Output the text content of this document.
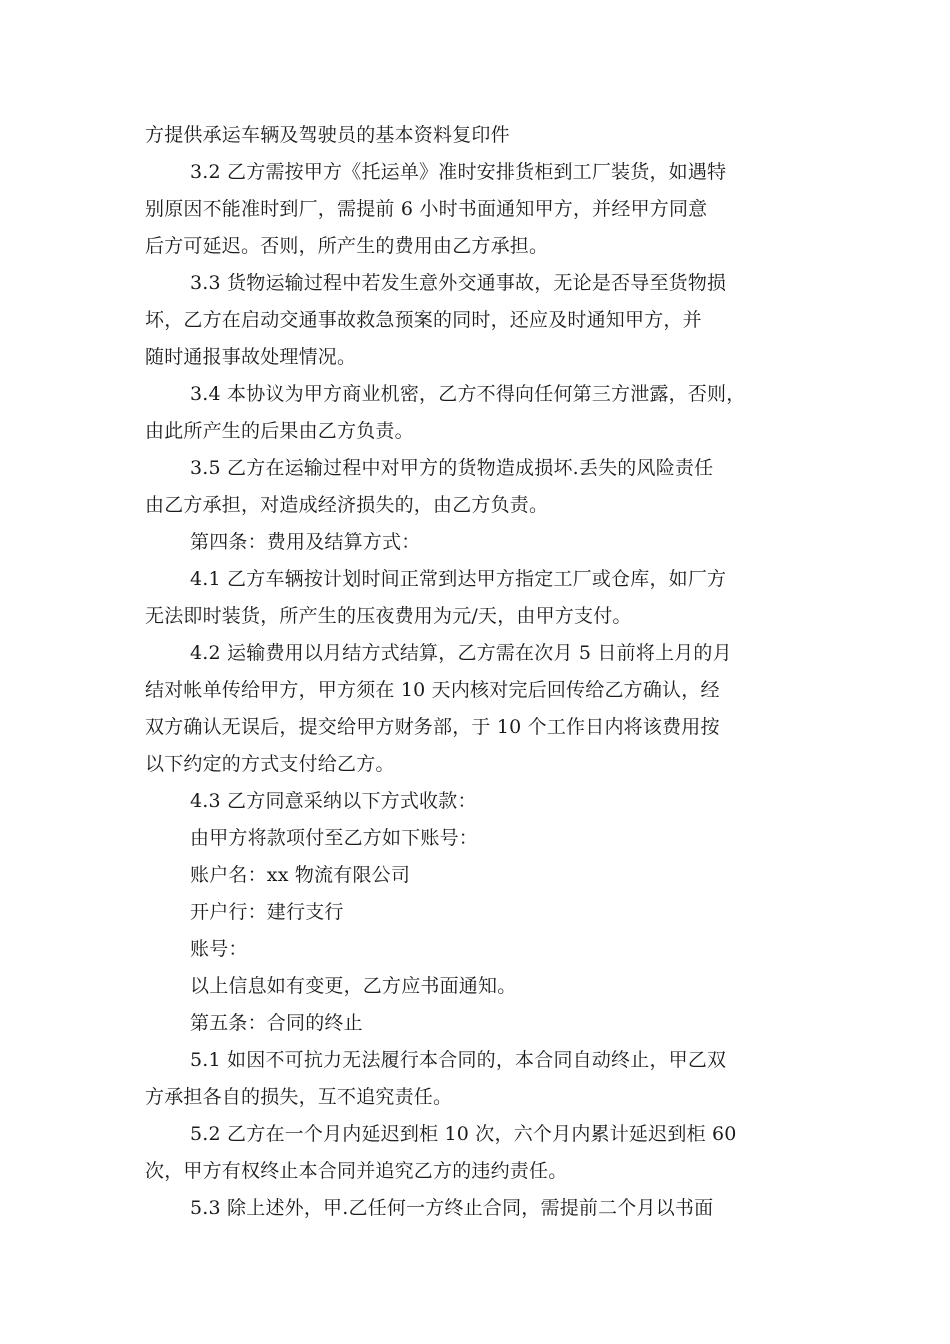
方提供承运车辆及驾驶员的基本资料复印件
3.2 乙方需按甲方《托运单》准时安排货柜到工厂装货，如遇特
别原因不能准时到厂，需提前 6 小时书面通知甲方，并经甲方同意
后方可延迟。否则，所产生的费用由乙方承担。
3.3 货物运输过程中若发生意外交通事故，无论是否导至货物损
坏，乙方在启动交通事故救急预案的同时，还应及时通知甲方，并
随时通报事故处理情况。
3.4 本协议为甲方商业机密，乙方不得向任何第三方泄露，否则，
由此所产生的后果由乙方负责。
3.5 乙方在运输过程中对甲方的货物造成损坏.丢失的风险责任
由乙方承担，对造成经济损失的，由乙方负责。
第四条：费用及结算方式：
4.1 乙方车辆按计划时间正常到达甲方指定工厂或仓库，如厂方
无法即时装货，所产生的压夜费用为元/天，由甲方支付。
4.2 运输费用以月结方式结算，乙方需在次月 5 日前将上月的月
结对帐单传给甲方，甲方须在 10 天内核对完后回传给乙方确认，经
双方确认无误后，提交给甲方财务部，于 10 个工作日内将该费用按
以下约定的方式支付给乙方。
4.3 乙方同意采纳以下方式收款：
由甲方将款项付至乙方如下账号：
账户名：xx 物流有限公司
开户行：建行支行
账号：
以上信息如有变更，乙方应书面通知。
第五条：合同的终止
5.1 如因不可抗力无法履行本合同的，本合同自动终止，甲乙双
方承担各自的损失，互不追究责任。
5.2 乙方在一个月内延迟到柜 10 次，六个月内累计延迟到柜 60
次，甲方有权终止本合同并追究乙方的违约责任。
5.3 除上述外，甲.乙任何一方终止合同，需提前二个月以书面
